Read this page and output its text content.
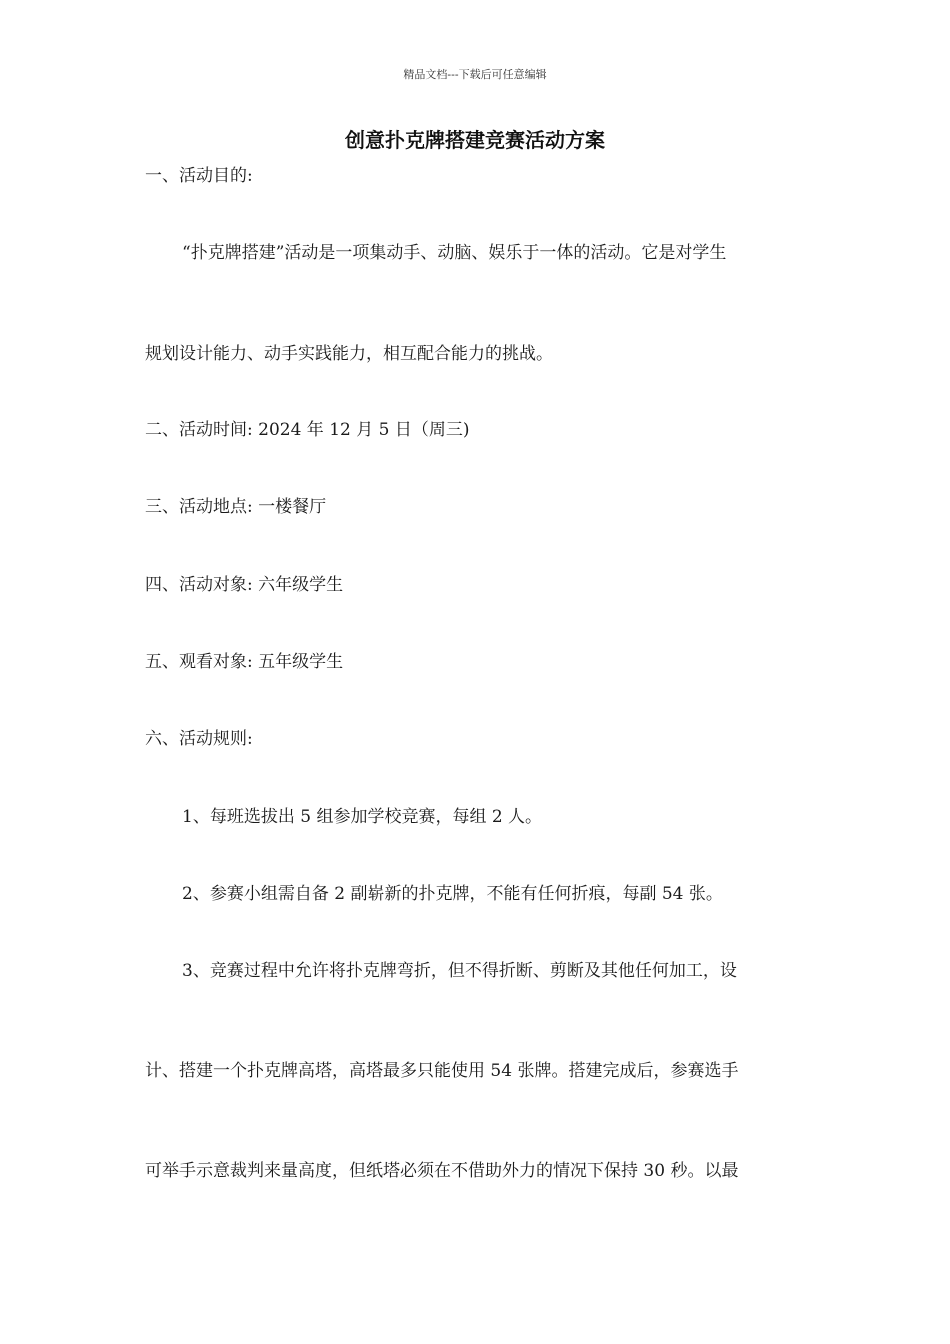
精品文档---下载后可任意编辑
创意扑克牌搭建竞赛活动方案
一、活动目的:
“扑克牌搭建”活动是一项集动手、动脑、娱乐于一体的活动。它是对学生
规划设计能力、动手实践能力，相互配合能力的挑战。
二、活动时间: 2024 年 12 月 5 日（周三)
三、活动地点: 一楼餐厅
四、活动对象: 六年级学生
五、观看对象: 五年级学生
六、活动规则:
1、每班选拔出 5 组参加学校竞赛，每组 2 人。
2、参赛小组需自备 2 副崭新的扑克牌，不能有任何折痕，每副 54 张。
3、竞赛过程中允许将扑克牌弯折，但不得折断、剪断及其他任何加工，设
计、搭建一个扑克牌高塔，高塔最多只能使用 54 张牌。搭建完成后，参赛选手
可举手示意裁判来量高度，但纸塔必须在不借助外力的情况下保持 30 秒。以最
